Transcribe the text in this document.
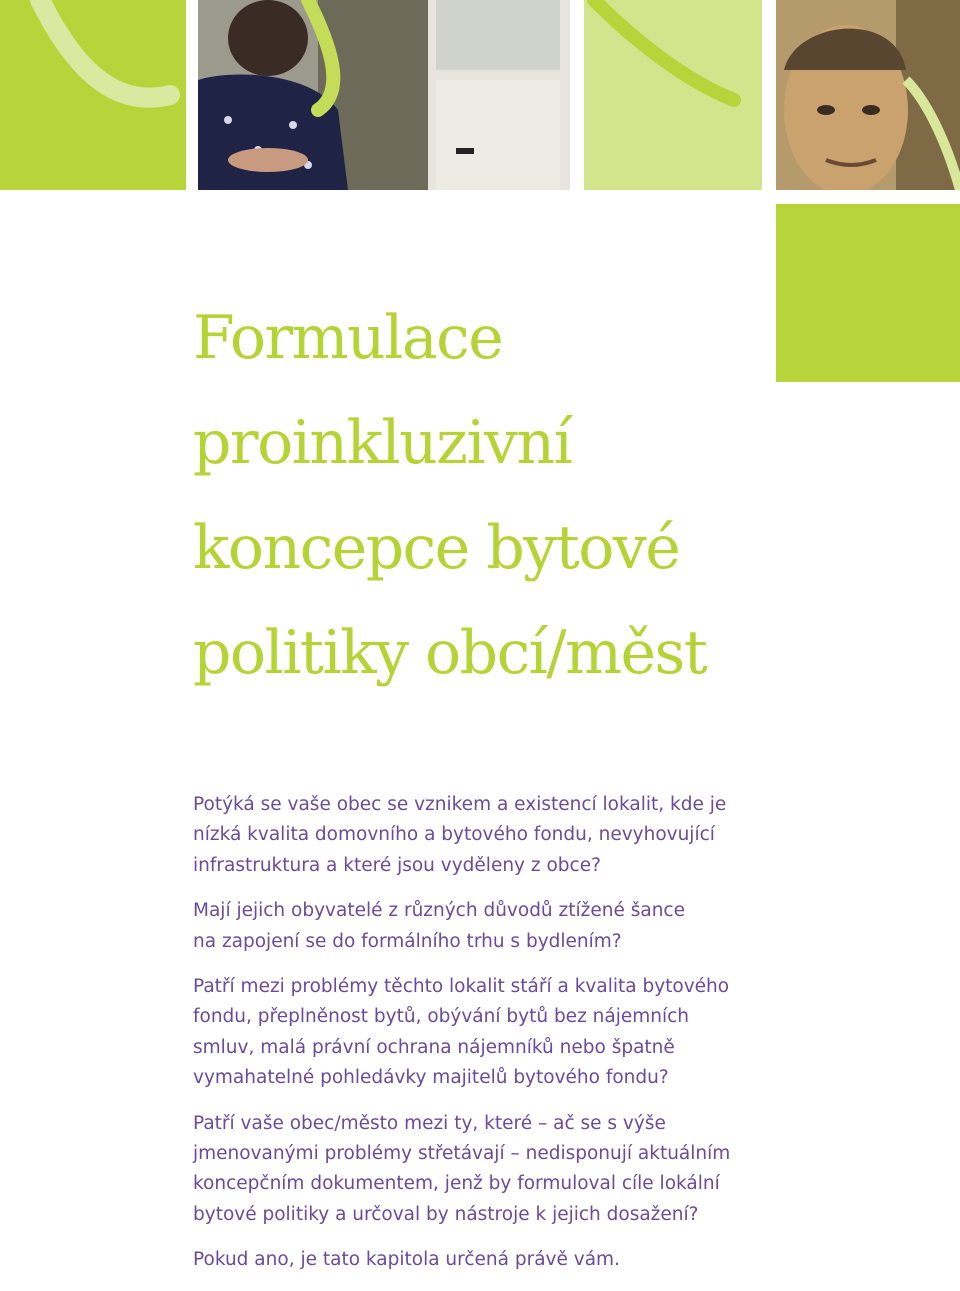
Formulace
proinkluzivní
koncepce bytové
politiky obcí/měst

Potýká se vaše obec se vznikem a existencí lokalit, kde je
nízká kvalita domovního a bytového fondu, nevyhovující
infrastruktura a které jsou vyděleny z obce?

Mají jejich obyvatelé z různých důvodů ztížené šance
na zapojení se do formálního trhu s bydlením?

Patří mezi problémy těchto lokalit stáří a kvalita bytového
fondu, přeplněnost bytů, obývání bytů bez nájemních
smluv, malá právní ochrana nájemníků nebo špatně
vymahatelné pohledávky majitelů bytového fondu?

Patří vaše obec/město mezi ty, které – ač se s výše
jmenovanými problémy střetávají – nedisponují aktuálním
koncepčním dokumentem, jenž by formuloval cíle lokální
bytové politiky a určoval by nástroje k jejich dosažení?

Pokud ano, je tato kapitola určená právě vám.
